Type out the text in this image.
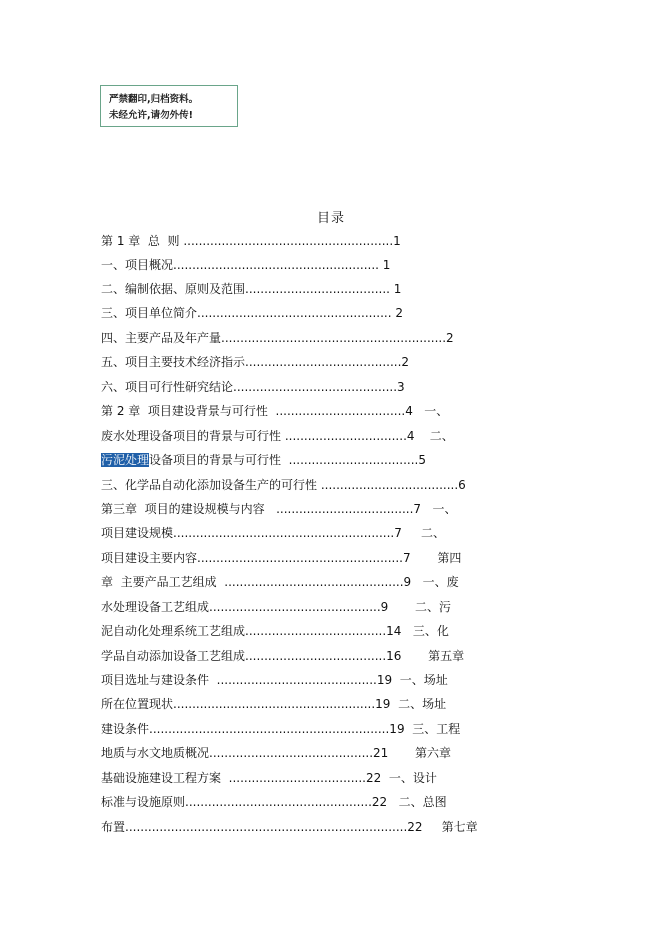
严禁翻印,归档资料。
未经允许,请勿外传!
目录
第 1 章  总  则 .......................................................1
一、项目概况...................................................... 1
二、编制依据、原则及范围...................................... 1
三、项目单位简介................................................... 2
四、主要产品及年产量...........................................................2
五、项目主要技术经济指示.........................................2
六、项目可行性研究结论...........................................3
第 2 章  项目建设背景与可行性  ..................................4   一、
废水处理设备项目的背景与可行性 ................................4    二、
污泥处理设备项目的背景与可行性  ..................................5
三、化学品自动化添加设备生产的可行性 ....................................6
第三章  项目的建设规模与内容   ....................................7   一、
项目建设规模..........................................................7     二、
项目建设主要内容......................................................7       第四
章  主要产品工艺组成  ...............................................9   一、废
水处理设备工艺组成.............................................9       二、污
泥自动化处理系统工艺组成.....................................14   三、化
学品自动添加设备工艺组成.....................................16       第五章
项目选址与建设条件  ..........................................19  一、场址
所在位置现状.....................................................19  二、场址
建设条件...............................................................19  三、工程
地质与水文地质概况...........................................21       第六章
基础设施建设工程方案  ....................................22  一、设计
标准与设施原则.................................................22   二、总图
布置..........................................................................22     第七章
